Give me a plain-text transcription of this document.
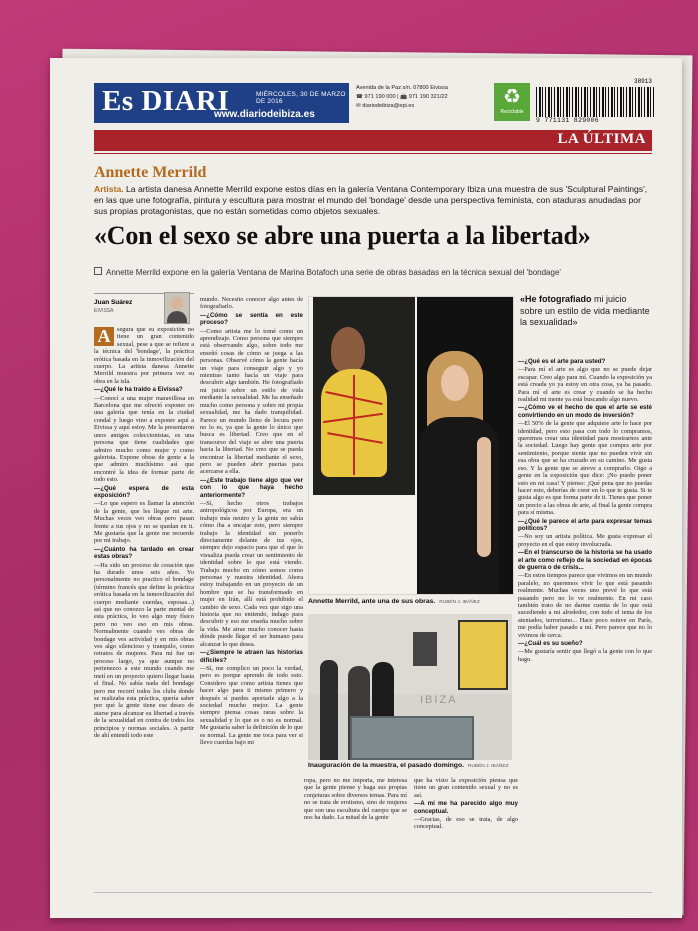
Es DIARI	MIÉRCOLES, 30 DE MARZO DE 2016
www.diariodeibiza.es
Avenida de la Paz s/n. 07800 Eivissa
☎ 971 190 000 | 📠 971 190 321/22
✉ diariodeibiza@epi.es	♻
Reciclable
38913
9 771131 829006
LA ÚLTIMA
Annette Merrild

Artista. La artista danesa Annette Merrild expone estos días en la galería Ventana Contemporary Ibiza una muestra de sus 'Sculptural Paintings', en las que une fotografía, pintura y escultura para mostrar el mundo del 'bondage' desde una perspectiva feminista, con ataduras anudadas por sus propias protagonistas, que no están sometidas como objetos sexuales.

«Con el sexo se abre una puerta a la libertad»

Annette Merrild expone en la galería Ventana de Marina Botafoch una serie de obras basadas en la técnica sexual del 'bondage'

Juan Suárez
EIVISSA
A	segura que su exposición no tiene un gran contenido sexual, pese a que se refiere a la técnica del 'bondage', la práctica erótica basada en la inmovilización del cuerpo. La artista danesa Annette Merrild muestra por primera vez su obra en la isla.

—¿Qué le ha traído a Eivissa?

—Conocí a una mujer maravillosa en Barcelona que me ofreció exponer en una galería que tenía en la ciudad condal y luego vino a exponer aquí a Eivissa y aquí estoy. Me la presentaron unos amigos coleccionistas, es una persona que tiene cualidades que admiro mucho como mujer y como galerista. Expone obras de gente a la que admiro muchísimo así que encontré la idea de formar parte de todo esto.

—¿Qué espera de esta exposición?

—Lo que espero es llamar la atención de la gente, que les llegue mi arte. Muchas veces veo obras pero pasan frente a tus ojos y no se quedan en ti. Me gustaría que la gente me recuerde por mi trabajo.

—¿Cuánto ha tardado en crear estas obras?

—Ha sido un proceso de creación que ha durado unos seis años. Yo personalmente no practico el bondage (término francés que define la práctica erótica basada en la inmovilización del cuerpo mediante cuerdas, esposas...) así que no conozco la parte mental de esta práctica, lo veo algo muy físico pero no veo eso en mis obras. Normalmente cuando ves obras de bondage ves actividad y en mis obras ves algo silencioso y tranquilo, como retratos de mujeres. Para mí fue un proceso largo, ya que aunque no pertenezco a este mundo cuando me metí en un proyecto quiero llegar hasta el final. No sabía nada del bondage pero me recorrí todos los clubs donde se realizaba esta práctica, quería saber por qué la gente tiene ese deseo de atarse para alcanzar su libertad a través de la sexualidad en contra de todos los principios y normas sociales. A partir de ahí entendí todo este

mundo. Necesito conocer algo antes de fotografiarlo.

—¿Cómo se sentía en este proceso?

—Como artista me lo tomé como un aprendizaje. Como persona que siempre está observando algo, sobre todo me enseñó cosas de cómo se juega a las personas. Observé cómo la gente hacía un viaje para conseguir algo y yo mientras tanto hacía un viaje para descubrir algo también. He fotografiado mi juicio sobre un estilo de vida mediante la sexualidad. Me ha enseñado mucho como persona y sobre mi propia sexualidad, me ha dado tranquilidad. Parece un mundo lleno de locura pero no lo es, ya que la gente lo único que busca es libertad. Creo que en el transcurso del viaje se abre una puerta hacia la libertad. No creo que se pueda encontrar la libertad mediante el sexo, pero se pueden abrir puertas para acercarse a ella.

—¿Este trabajo tiene algo que ver con lo que haya hecho anteriormente?

—Sí, hecho otros trabajos antropológicos por Europa, era un trabajo más neutro y la gente no sabía cómo iba a encajar esto, pero siempre trabajo la identidad sin ponerlo directamente delante de tus ojos, siempre dejo espacio para que el que lo visualiza pueda crear un sentimiento de identidad sobre lo que está viendo. Trabajo mucho en cómo somos como personas y nuestra identidad. Ahora estoy trabajando en un proyecto de un hombre que se ha transformado en mujer en Irán, allí está prohibido el cambio de sexo. Cada vez que sigo una historia que no entiendo, indago para descubrir y eso me enseña mucho sobre la vida. Me atrae mucho conocer hasta dónde puede llegar el ser humano para alcanzar lo que desea.

—¿Siempre le atraen las historias difíciles?

—Sí, me complico un poco la verdad, pero es porque aprendo de todo esto. Considero que como artista tienes que hacer algo para ti mismo primero y después sí puedes aportarle algo a la sociedad mucho mejor. La gente siempre piensa cosas raras sobre la sexualidad y lo que es o no es normal. Me gustaría saber la definición de lo que es normal. La gente me toca para ver si llevo cuerdas bajo mi

Annette Merrild, ante una de sus obras. RUBÉN J. IBÁÑEZ
IBIZA
Inauguración de la muestra, el pasado domingo. RUBÉN J. IBÁÑEZ

ropa, pero no me importa, me interesa que la gente piense y haga sus propias conjeturas sobre diversos temas. Para mí no se trata de erotismo, sino de mujeres que son una escultura del cuerpo que se nos ha dado. La mitad de la gente

que ha visto la exposición piensa que tiene un gran contenido sexual y no es así.

—A mí me ha parecido algo muy conceptual.

—Gracias, de eso se trata, de algo conceptual.

«He fotografiado mi juicio sobre un estilo de vida mediante la sexualidad»

—¿Qué es el arte para usted?

—Para mí el arte es algo que no se puede dejar escapar. Creo algo para mí. Cuando la exposición ya está creada yo ya estoy en otra cosa, ya ha pasado. Para mí el arte es crear y cuando se ha hecho realidad mi mente ya está buscando algo nuevo.

—¿Cómo ve el hecho de que el arte se esté convirtiendo en un modo de inversión?

—El 50% de la gente que adquiere arte lo hace por identidad, pero esto pasa con todo lo compramos, queremos crear una identidad para mostrarnos ante la sociedad. Luego hay gente que compra arte por sentimiento, porque siente que no pueden vivir sin esa obra que se ha cruzado en su camino. Me gusta eso. Y la gente que se atreve a comprarlo. Oigo a gente en la exposición que dice: ¡No puedo poner esto en mi casa! Y pienso: ¡Qué pena que no puedas hacer esto, deberías de creer en lo que te gusta. Si te gusta algo es que forma parte de ti. Tienes que poner un precio a las obras de arte, al final la gente compra para sí misma.

—¿Qué le parece el arte para expresar temas políticos?

—No soy un artista política. Me gusta expresar el proyecto en el que estoy involucrada.

—En el transcurso de la historia se ha usado el arte como reflejo de la sociedad en épocas de guerra o de crisis...

—En estos tiempos parece que vivimos en un mundo paralelo, no queremos vivir lo que está pasando realmente. Muchas veces uno prevé lo que está pasando pero no lo ve realmente. En mi caso también trato de no darme cuenta de lo que está sucediendo a mi alrededor, con todo el tema de los atentados, terrorismo... Hace poco estuve en París, me podía haber pasado a mí. Pero parece que no lo vivimos de cerca.

—¿Cuál es su sueño?

—Me gustaría sentir que llegó a la gente con lo que hago.
